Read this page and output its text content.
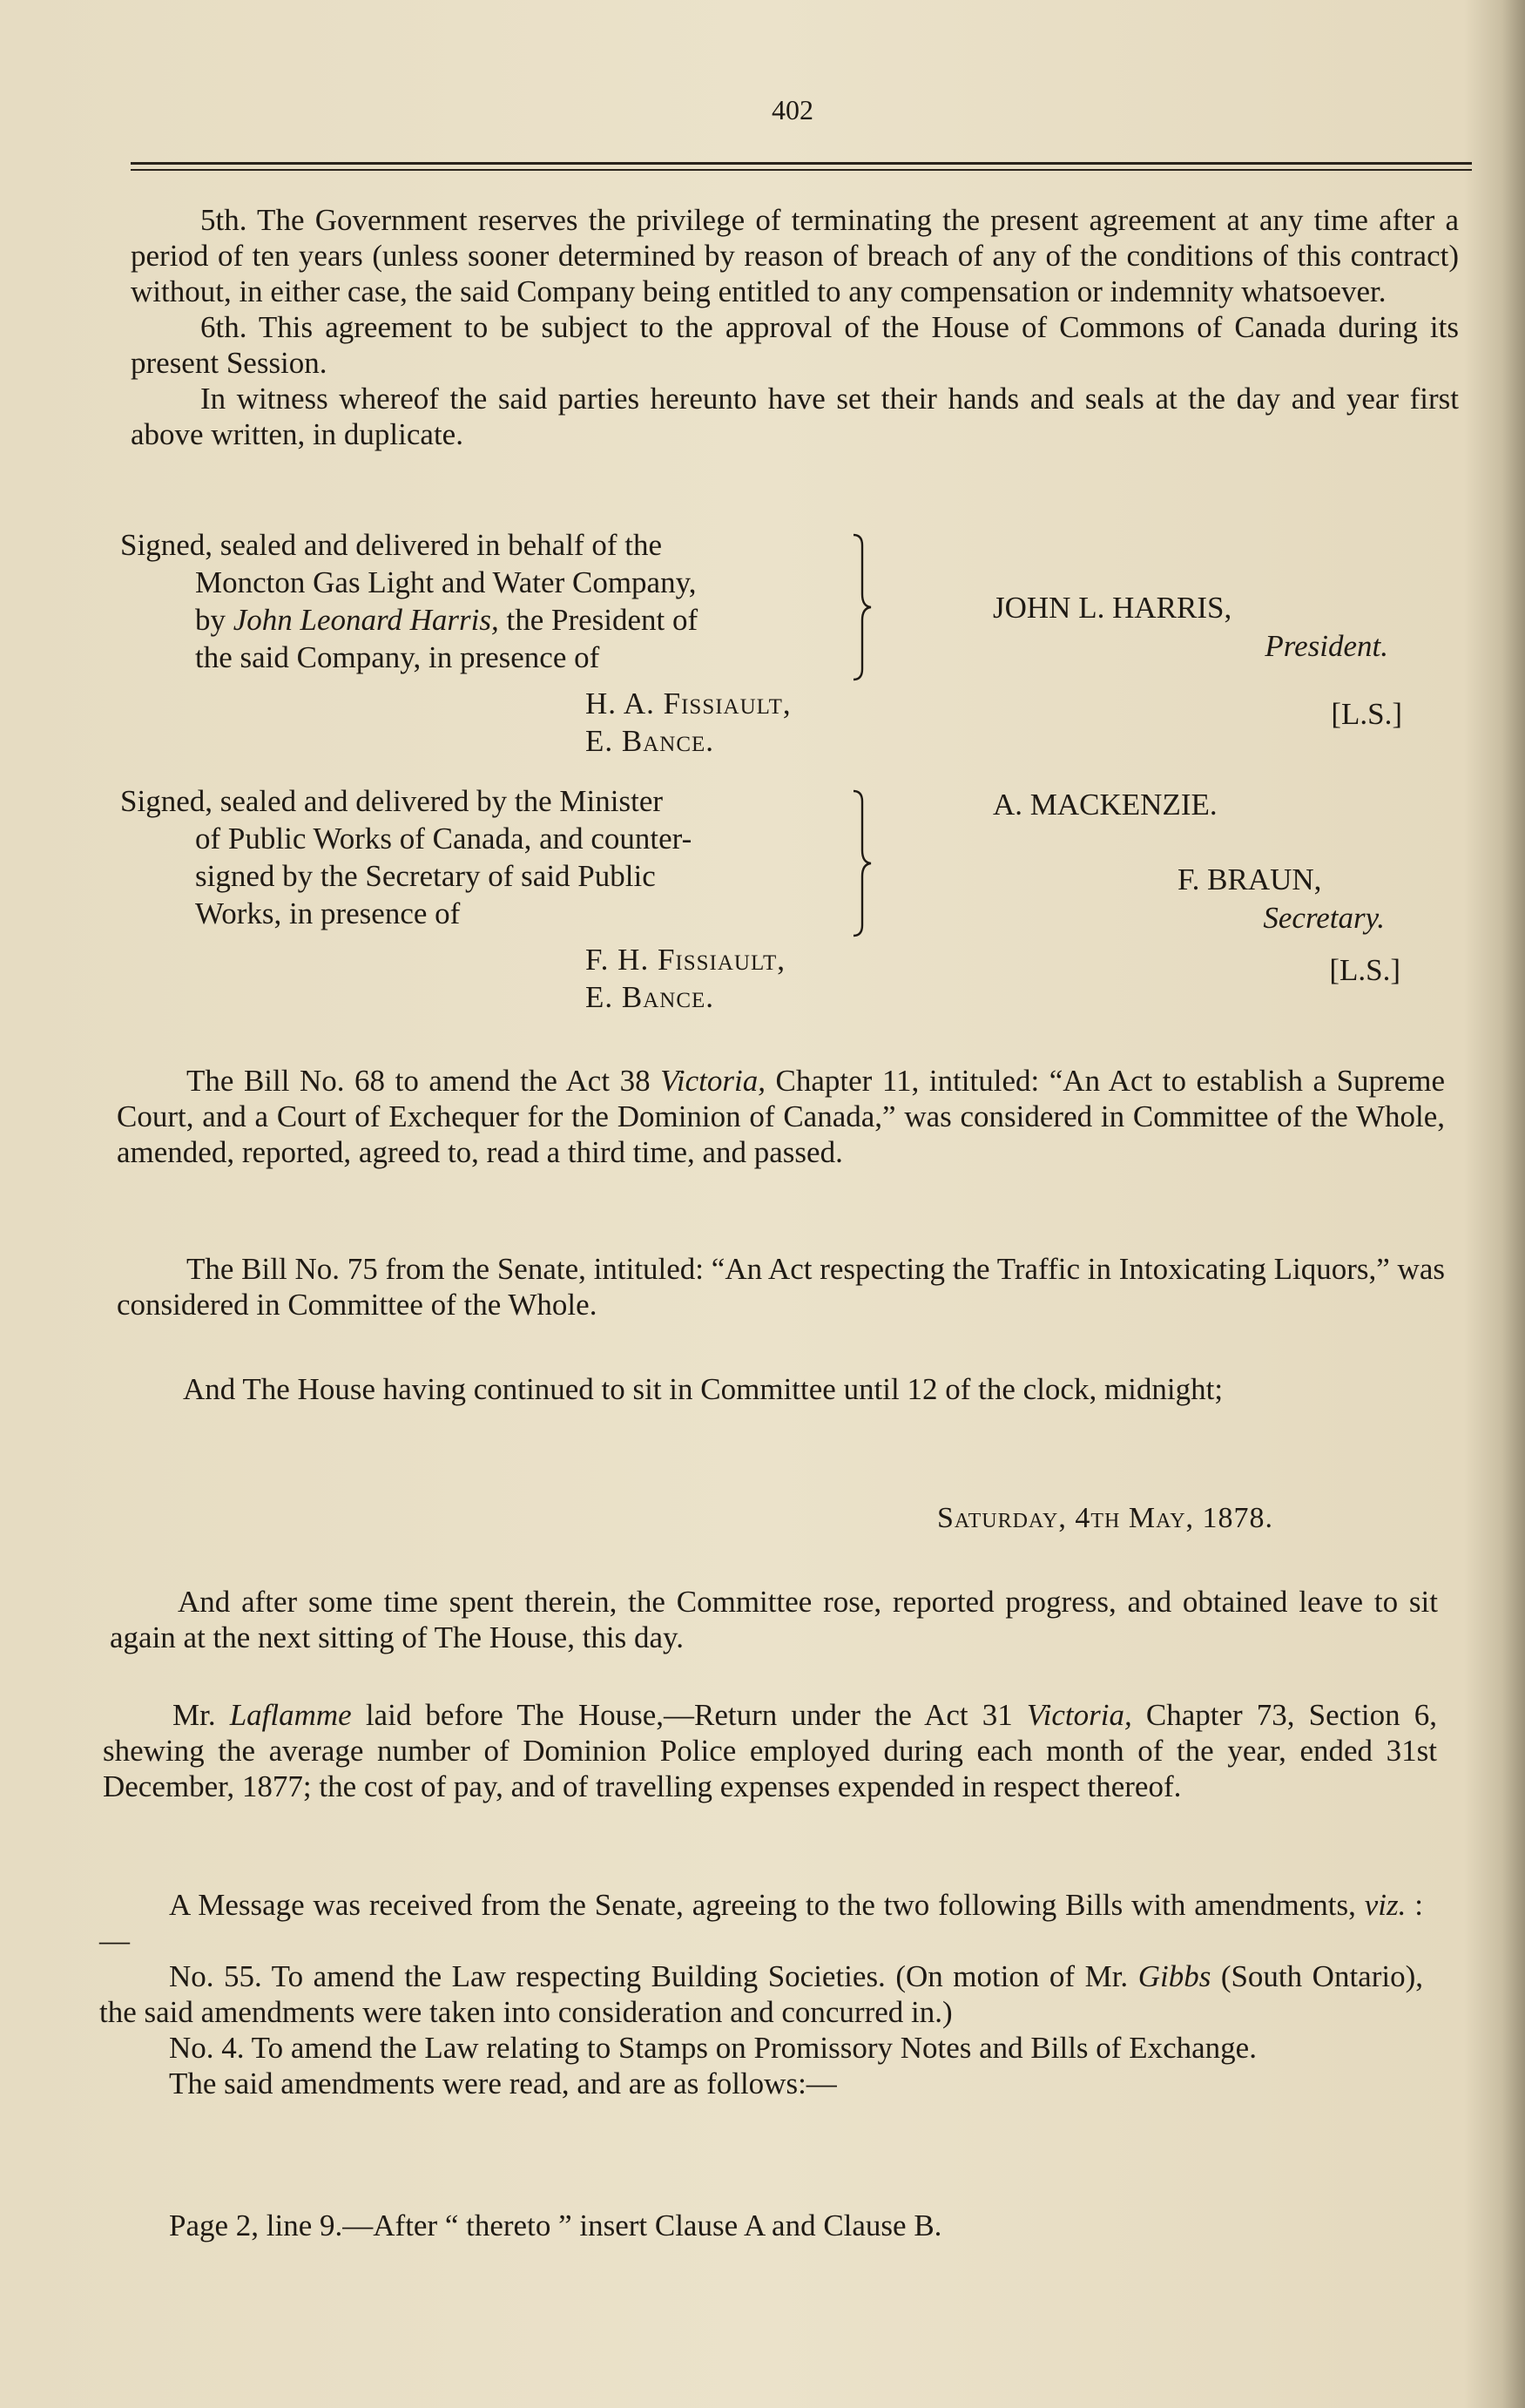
402

5th. The Government reserves the privilege of terminating the present agreement at any time after a period of ten years (unless sooner determined by reason of breach of any of the conditions of this contract) without, in either case, the said Company being entitled to any compensation or indemnity whatsoever.

6th. This agreement to be subject to the approval of the House of Commons of Canada during its present Session.

In witness whereof the said parties hereunto have set their hands and seals at the day and year first above written, in duplicate.

Signed, sealed and delivered in behalf of the
Moncton Gas Light and Water Company,
by John Leonard Harris, the President of
the said Company, in presence of
H. A. Fissiault,
E. Bance.
JOHN L. HARRIS,
President.
[L.S.]
Signed, sealed and delivered by the Minister
of Public Works of Canada, and counter-
signed by the Secretary of said Public
Works, in presence of
F. H. Fissiault,
E. Bance.
A. MACKENZIE.
F. BRAUN,
Secretary.
[L.S.]

The Bill No. 68 to amend the Act 38 Victoria, Chapter 11, intituled: “An Act to establish a Supreme Court, and a Court of Exchequer for the Dominion of Canada,” was considered in Committee of the Whole, amended, reported, agreed to, read a third time, and passed.

The Bill No. 75 from the Senate, intituled: “An Act respecting the Traffic in Intoxicating Liquors,” was considered in Committee of the Whole.
And The House having continued to sit in Committee until 12 of the clock, midnight;
Saturday, 4th May, 1878.
And after some time spent therein, the Committee rose, reported progress, and obtained leave to sit again at the next sitting of The House, this day.

Mr. Laflamme laid before The House,—Return under the Act 31 Victoria, Chapter 73, Section 6, shewing the average number of Dominion Police employed during each month of the year, ended 31st December, 1877; the cost of pay, and of travelling expenses expended in respect thereof.

A Message was received from the Senate, agreeing to the two following Bills with amendments, viz. :—

No. 55. To amend the Law respecting Building Societies. (On motion of Mr. Gibbs (South Ontario), the said amendments were taken into consideration and concurred in.)

No. 4. To amend the Law relating to Stamps on Promissory Notes and Bills of Exchange.

The said amendments were read, and are as follows:—

Page 2, line 9.—After “ thereto ” insert Clause A and Clause B.
